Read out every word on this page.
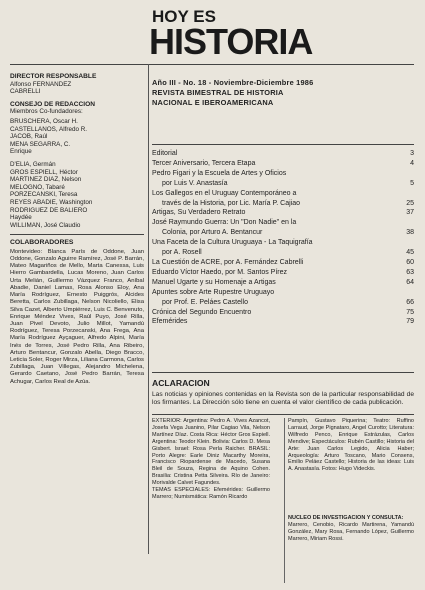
HOY ES
HISTORIA
Año III - No. 18 - Noviembre-Diciembre 1986
REVISTA BIMESTRAL DE HISTORIA
NACIONAL E IBEROAMERICANA
DIRECTOR RESPONSABLE
Alfonso FERNANDEZ
CABRELLI
CONSEJO DE REDACCION
Miembros Co-fundadores:
BRUSCHERA, Oscar H.
CASTELLANOS, Alfredo R.
JACOB, Raúl
MENA SEGARRA, C.
Enrique
D'ELIA, Germán
GROS ESPIELL, Héctor
MARTINEZ DIAZ, Nelson
MELOGNO, Tabaré
PORZECANSKI, Teresa
REYES ABADIE, Washington
RODRIGUEZ DE BALIERO
Haydée
WILLIMAN, José Claudio
COLABORADORES
Montevideo: Blanca París de Oddone, Juan Oddone, Gonzalo Aguirre Ramírez, José P. Barrán, Mateo Magariños de Mello, Marta Canessa, Luis Hierro Gambardella, Lucas Moreno, Juan Carlos Urta Melián, Guillermo Vázquez Franco, Aníbal Abadie, Daniel Lamas, Rosa Alonso Eloy, Ana María Rodríguez, Ernesto Puiggrós, Alcides Beretta, Carlos Zubillaga, Nelson Nicoliello, Elisa Silva Cazet, Alberto Umpiérrez, Luis C. Benvenuto, Enrique Méndez Vives, Raúl Puyo, José Rilla, Juan Pivel Devoto, Julio Millot, Yamandú Rodríguez, Teresa Porzecanski, Ana Frega, Ana María Rodríguez Ayçaguer, Alfredo Alpini, María Inés de Torres, José Pedro Rilla, Ana Ribeiro, Arturo Bentancur, Gonzalo Abella, Diego Bracco, Leticia Soler, Roger Mirza, Liliana Carmona, Carlos Zubillaga, Juan Villegas, Alejandro Michelena, Gerardo Caetano, José Pedro Barrán, Teresa Achugar, Carlos Real de Azúa.
Editorial	3
Tercer Aniversario, Tercera Etapa	4
Pedro Figari y la Escuela de Artes y Oficios
por Luis V. Anastasía	5
Los Gallegos en el Uruguay Contemporáneo a
través de la Historia, por Lic. María P. Cajiao	25
Artigas, Su Verdadero Retrato	37
José Raymundo Guerra: Un "Don Nadie" en la
Colonia, por Arturo A. Bentancur	38
Una Faceta de la Cultura Uruguaya - La Taquigrafía
por A. Rosell	45
La Cuestión de ACRE, por A. Fernández Cabrelli	60
Eduardo Víctor Haedo, por M. Santos Pírez	63
Manuel Ugarte y su Homenaje a Artigas	64
Apuntes sobre Arte Rupestre Uruguayo
por Prof. E. Peláes Castello	66
Crónica del Segundo Encuentro	75
Efemérides	79
ACLARACION
Las noticias y opiniones contenidas en la Revista son de la particular responsabilidad de los firmantes. La Dirección sólo tiene en cuenta el valor científico de cada publicación.
EXTERIOR: Argentina: Pedro A. Vives Azancot, Josefa Vega Juanino, Pilar Cagiao Vila, Nelson Martínez Díaz. Costa Rica: Héctor Gros Espiell. Argentina: Teodor Klein. Bolivia: Carlos D. Mesa Gisbert. Israel: Rosa Perla Raicher. BRASIL: Porto Alegre: Earle Diniz Macarthy Moreira, Francisco Riopardense de Macedo, Susana Bleil de Souza, Regina de Aquino Cohen. Brasilia: Cristina Petta Silveira. Río de Janeiro: Morivalde Calvet Fagundes.
TEMAS ESPECIALES: Efemérides: Guillermo Marrero; Numismática: Ramón Ricardo
Pampín, Gustavo Piquerina; Teatro: Ruffino Larraud, Jorge Pignataro, Angel Curotto; Literatura: Wilfredo Penco, Enrique Estrázulas, Carlos Mendive; Espectáculos: Rubén Castillo; Historia del Arte: Juan Carlos Legido, Alicia Haber; Arqueología: Arturo Toscano, Mario Consens, Emilio Peláez Castello; Historia de las ideas: Luis A. Anastasía. Fotos: Hugo Videckis.
NUCLEO DE INVESTIGACION Y CONSULTA:
Marrero, Cenobio, Ricardo Martirena, Yamandú González, Mary Rosa, Fernando López, Guillermo Marrero, Miriam Rossi.
